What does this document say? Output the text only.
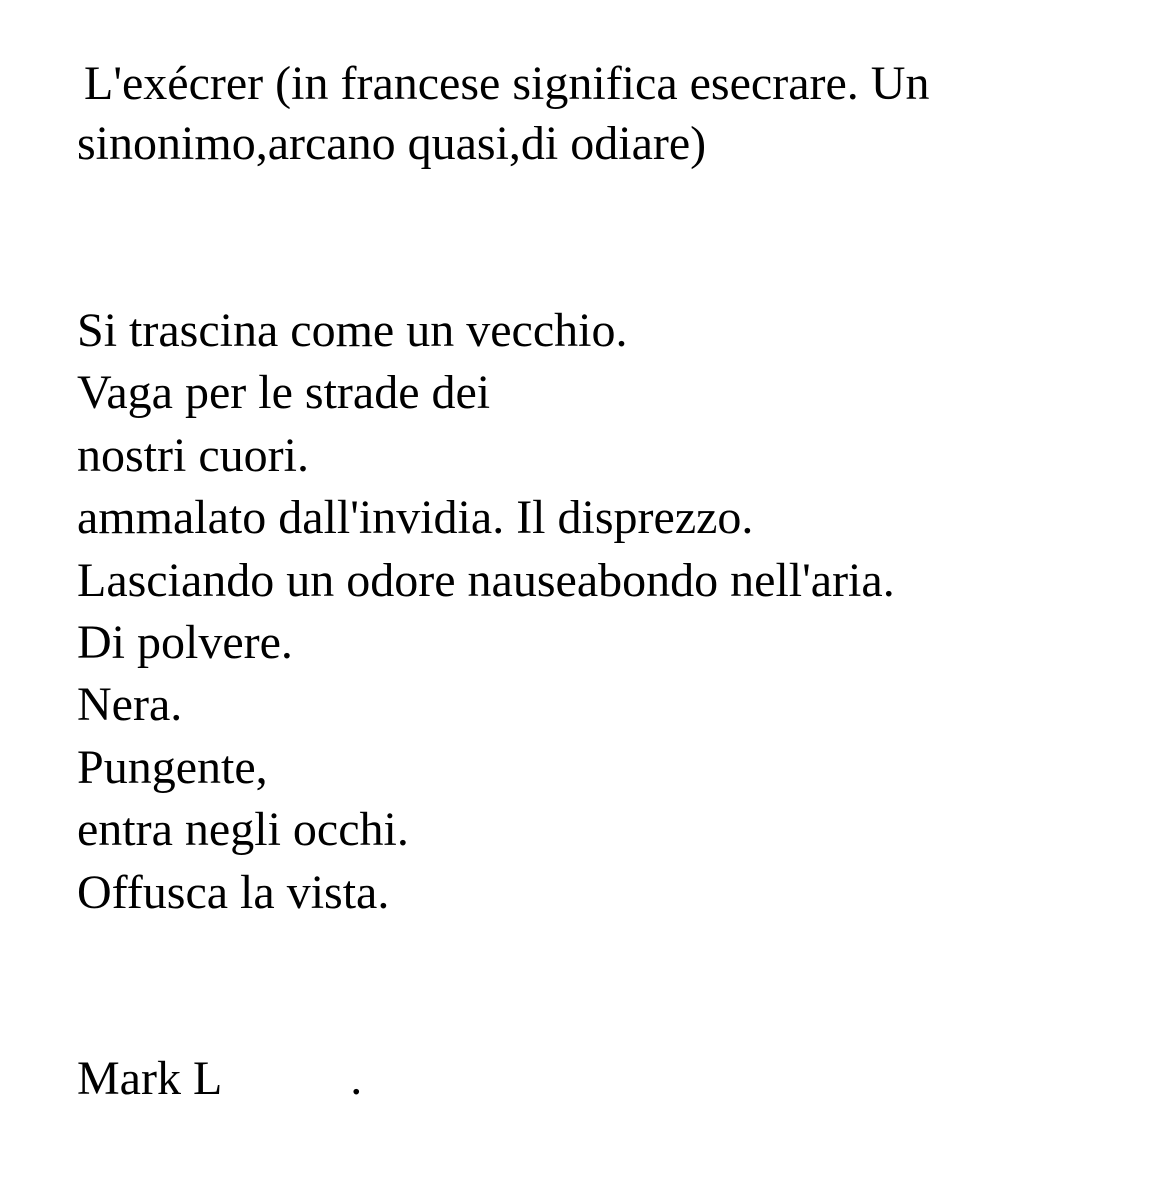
L'exécrer (in francese significa esecrare. Un
sinonimo,arcano quasi,di odiare)
Si trascina come un vecchio.
Vaga per le strade dei
nostri cuori.
ammalato dall'invidia. Il disprezzo.
Lasciando un odore nauseabondo nell'aria.
Di polvere.
Nera.
Pungente,
entra negli occhi.
Offusca la vista.
Mark L	.
